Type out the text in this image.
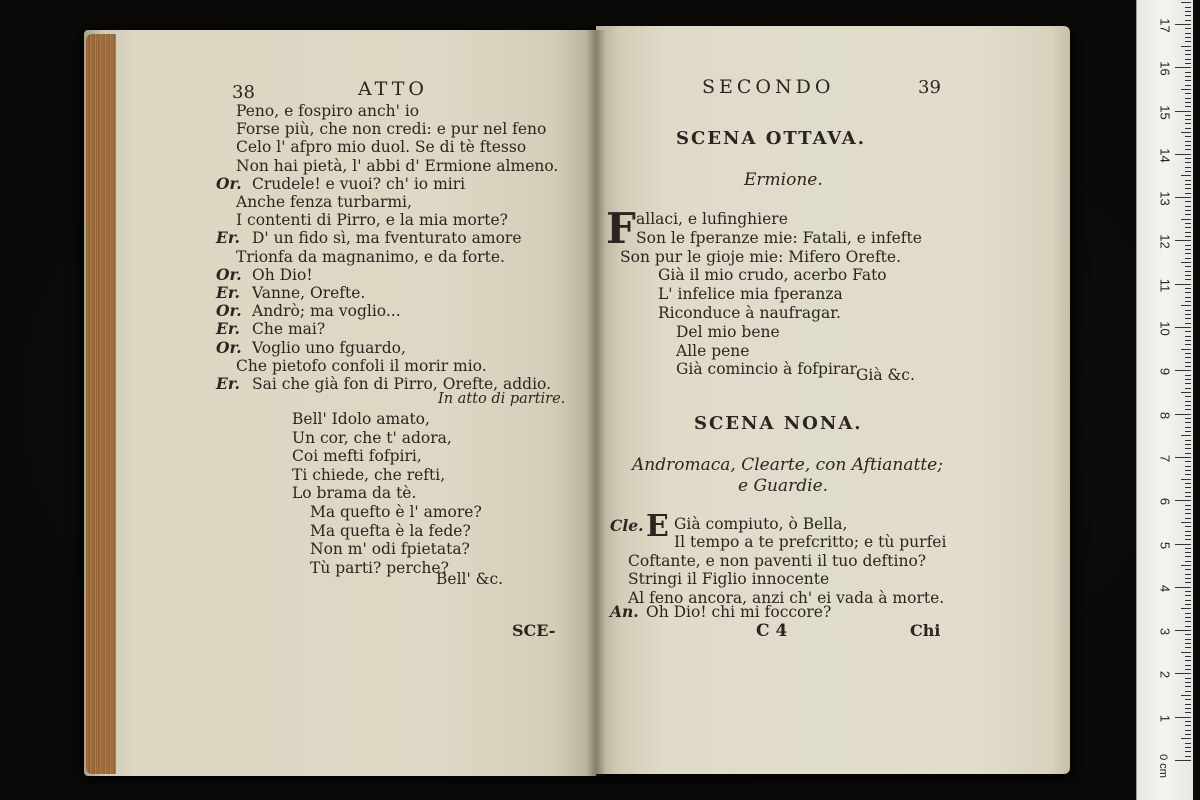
38	ATTO
Peno, e fospiro anch' io
Forse più, che non credi: e pur nel feno
Celo l' afpro mio duol. Se di tè ftesso
Non hai pietà, l' abbi d' Ermione almeno.
Or. Crudele! e vuoi? ch' io miri
Anche fenza turbarmi,
I contenti di Pirro, e la mia morte?
Er. D' un fido sì, ma fventurato amore
Trionfa da magnanimo, e da forte.
Or. Oh Dio!
Er. Vanne, Orefte.
Or. Andrò; ma voglio...
Er. Che mai?
Or. Voglio uno fguardo,
Che pietofo confoli il morir mio.
Er. Sai che già fon di Pirro, Orefte, addio.
In atto di partire.
Bell' Idolo amato,
Un cor, che t' adora,
Coi mefti fofpiri,
Ti chiede, che refti,
Lo brama da tè.
Ma quefto è l' amore?
Ma quefta è la fede?
Non m' odi fpietata?
Tù parti? perche?
Bell' &c.
SCE-
SECONDO	39
SCENA OTTAVA.
Ermione.
F allaci, e lufinghiere
Son le fperanze mie: Fatali, e infefte
Son pur le gioje mie: Mifero Orefte.
Già il mio crudo, acerbo Fato
L' infelice mia fperanza
Riconduce à naufragar.
Del mio bene
Alle pene
Già comincio à fofpirar.
Già &c.
SCENA NONA.
Andromaca, Clearte, con Aftianatte;
e Guardie.
Cle. E Già compiuto, ò Bella,
Il tempo a te prefcritto; e tù purfei
Coftante, e non paventi il tuo deftino?
Stringi il Figlio innocente
Al feno ancora, anzi ch' ei vada à morte.
An. Oh Dio! chi mi foccore?
C 4	Chi
0 cm
1
2
3
4
5
6
7
8
9
10
11
12
13
14
15
16
17
